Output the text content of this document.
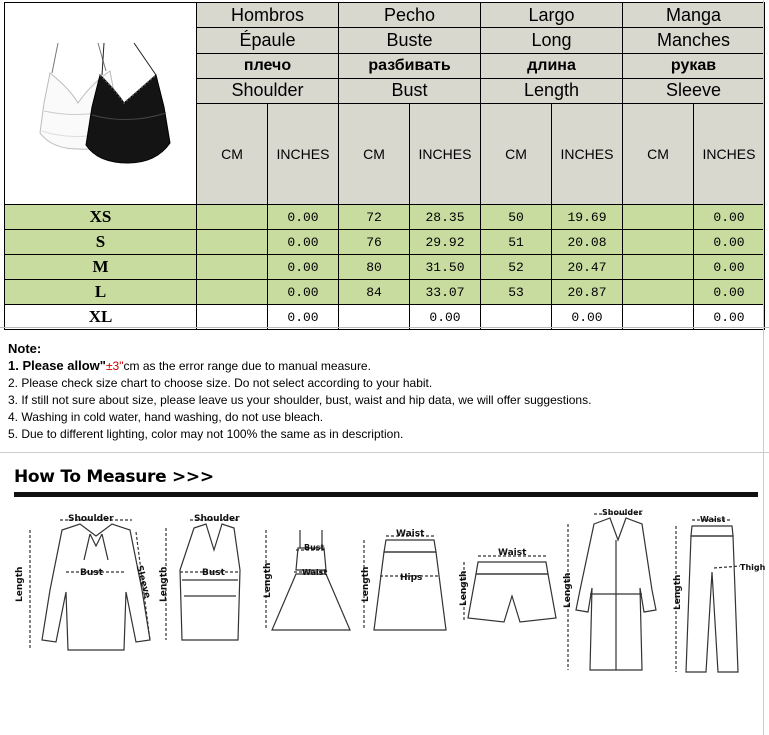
	Hombros		Pecho		Largo		Manga	
	Épaule		Buste		Long		Manches	
	плечо		разбивать		длина		рукав	
	Shoulder		Bust		Length		Sleeve	
	CM	INCHES	CM	INCHES	CM	INCHES	CM	INCHES
XS		0.00	72	28.35	50	19.69		0.00
S		0.00	76	29.92	51	20.08		0.00
M		0.00	80	31.50	52	20.47		0.00
L		0.00	84	33.07	53	20.87		0.00
XL		0.00		0.00		0.00		0.00
Note:
1. Please allow"±3"cm as the error range due to manual measure.
2. Please check size chart to choose size. Do not select according to your habit.
3. If still not sure about size, please leave us your shoulder, bust, waist and hip data, we will offer suggestions.
4. Washing in cold water, hand washing, do not use bleach.
5. Due to different lighting, color may not 100% the same as in description.
How To Measure >>>
Shoulder
Bust
Length	Sleeve
Shoulder
Bust
Length
Bust
Waist
Length
Waist
Hips
Length
Waist
Length
Shoulder
Length
Waist
Thigh
Length
